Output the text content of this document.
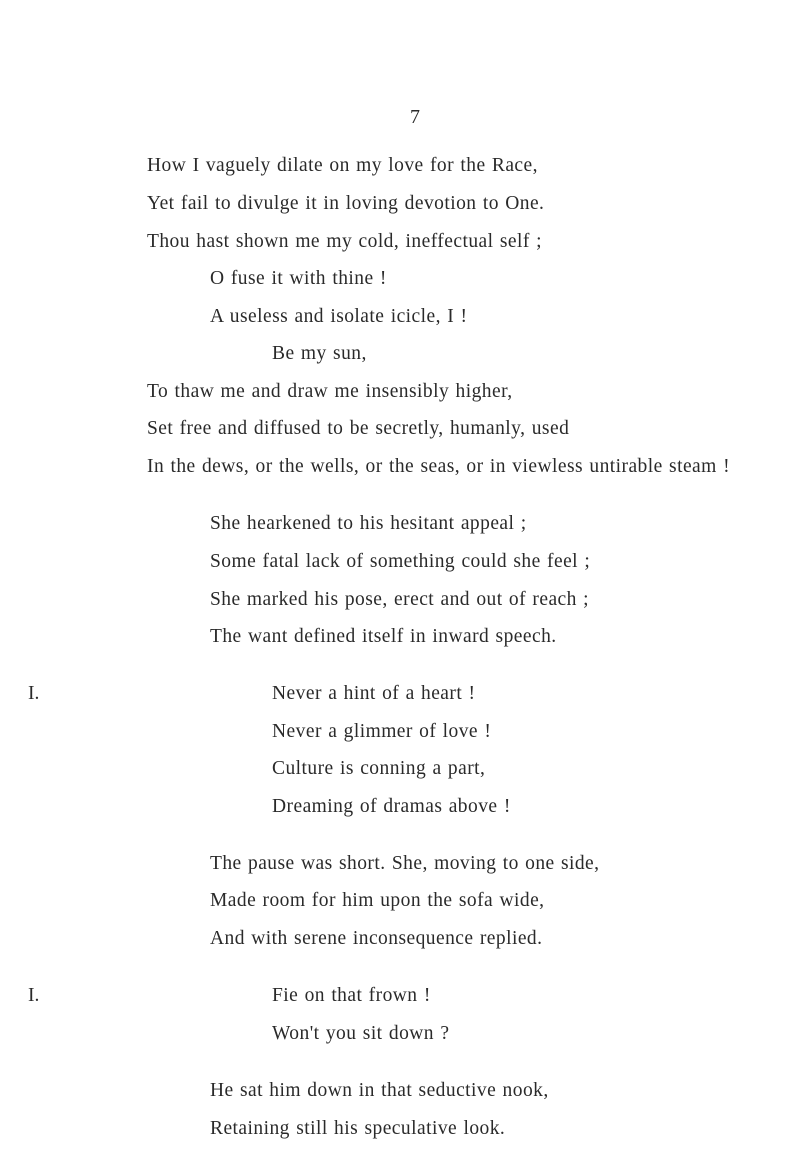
7
How I vaguely dilate on my love for the Race,
Yet fail to divulge it in loving devotion to One.
Thou hast shown me my cold, ineffectual self ;
O fuse it with thine !
A useless and isolate icicle, I !
Be my sun,
To thaw me and draw me insensibly higher,
Set free and diffused to be secretly, humanly, used
In the dews, or the wells, or the seas, or in viewless untirable steam !
She hearkened to his hesitant appeal ;
Some fatal lack of something could she feel ;
She marked his pose, erect and out of reach ;
The want defined itself in inward speech.
I.	Never a hint of a heart !
Never a glimmer of love !
Culture is conning a part,
Dreaming of dramas above !
The pause was short. She, moving to one side,
Made room for him upon the sofa wide,
And with serene inconsequence replied.
I.	Fie on that frown !
Won't you sit down ?
He sat him down in that seductive nook,
Retaining still his speculative look.
